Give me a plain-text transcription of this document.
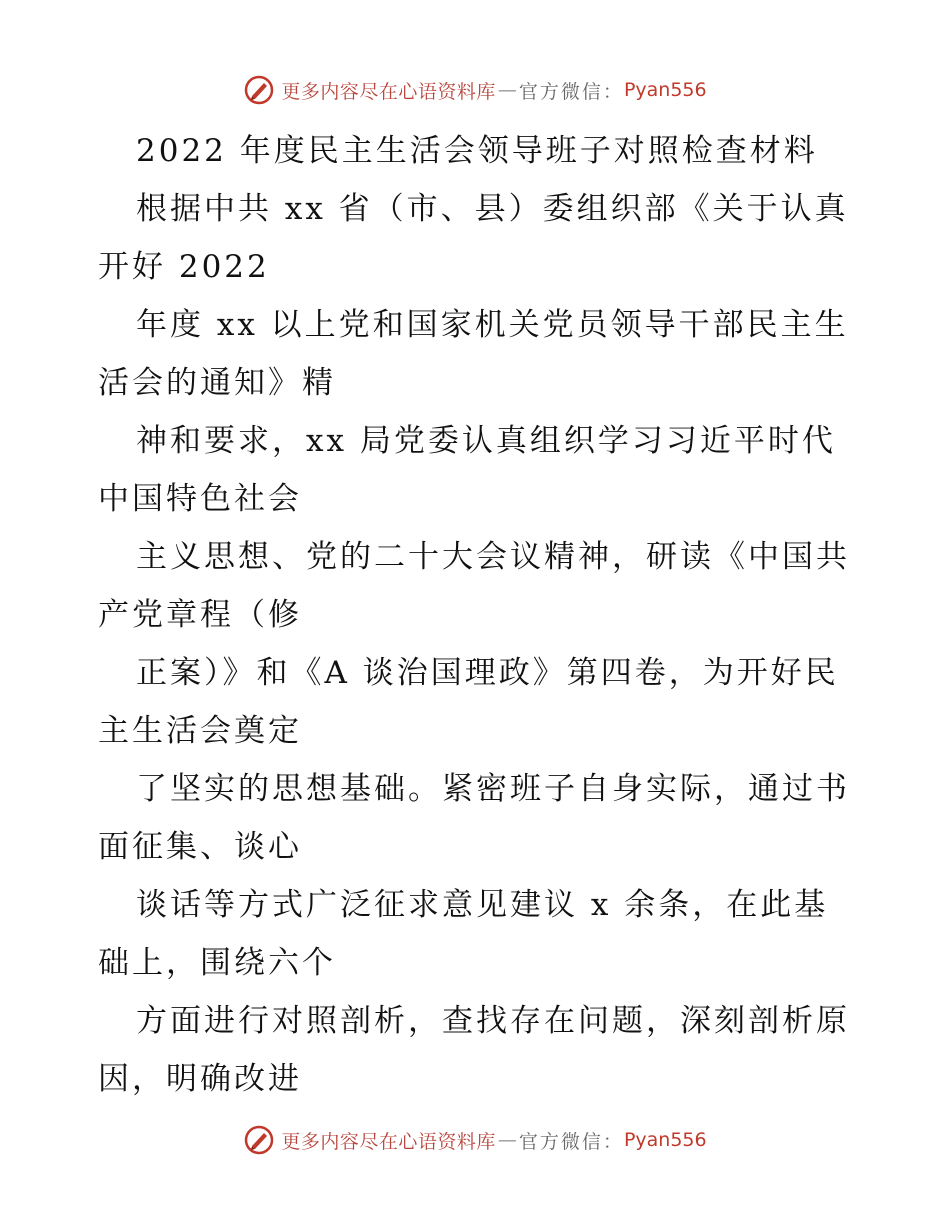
更多内容尽在心语资料库 — 官方微信： Pyan556
2022 年度民主生活会领导班子对照检查材料
根据中共 xx 省（市、县）委组织部《关于认真
开好 2022
年度 xx 以上党和国家机关党员领导干部民主生
活会的通知》精
神和要求，xx 局党委认真组织学习习近平时代
中国特色社会
主义思想、党的二十大会议精神，研读《中国共
产党章程（修
正案）》和《A 谈治国理政》第四卷，为开好民
主生活会奠定
了坚实的思想基础。紧密班子自身实际，通过书
面征集、谈心
谈话等方式广泛征求意见建议 x 余条，在此基
础上，围绕六个
方面进行对照剖析，查找存在问题，深刻剖析原
因，明确改进
更多内容尽在心语资料库 — 官方微信： Pyan556
